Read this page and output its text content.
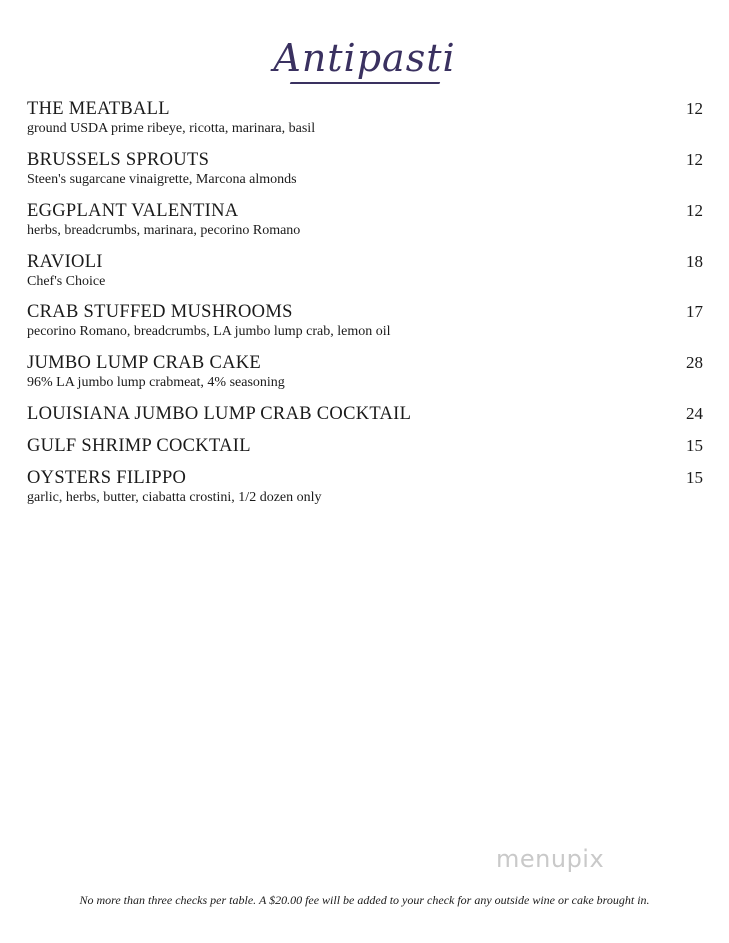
Antipasti
THE MEATBALL	12
ground USDA prime ribeye, ricotta, marinara, basil
BRUSSELS SPROUTS	12
Steen's sugarcane vinaigrette, Marcona almonds
EGGPLANT VALENTINA	12
herbs, breadcrumbs, marinara, pecorino Romano
RAVIOLI	18
Chef's Choice
CRAB STUFFED MUSHROOMS	17
pecorino Romano, breadcrumbs, LA jumbo lump crab, lemon oil
JUMBO LUMP CRAB CAKE	28
96% LA jumbo lump crabmeat, 4% seasoning
LOUISIANA JUMBO LUMP CRAB COCKTAIL	24
GULF SHRIMP COCKTAIL	15
OYSTERS FILIPPO	15
garlic, herbs, butter, ciabatta crostini, 1/2 dozen only
menupix
No more than three checks per table. A $20.00 fee will be added to your check for any outside wine or cake brought in.
